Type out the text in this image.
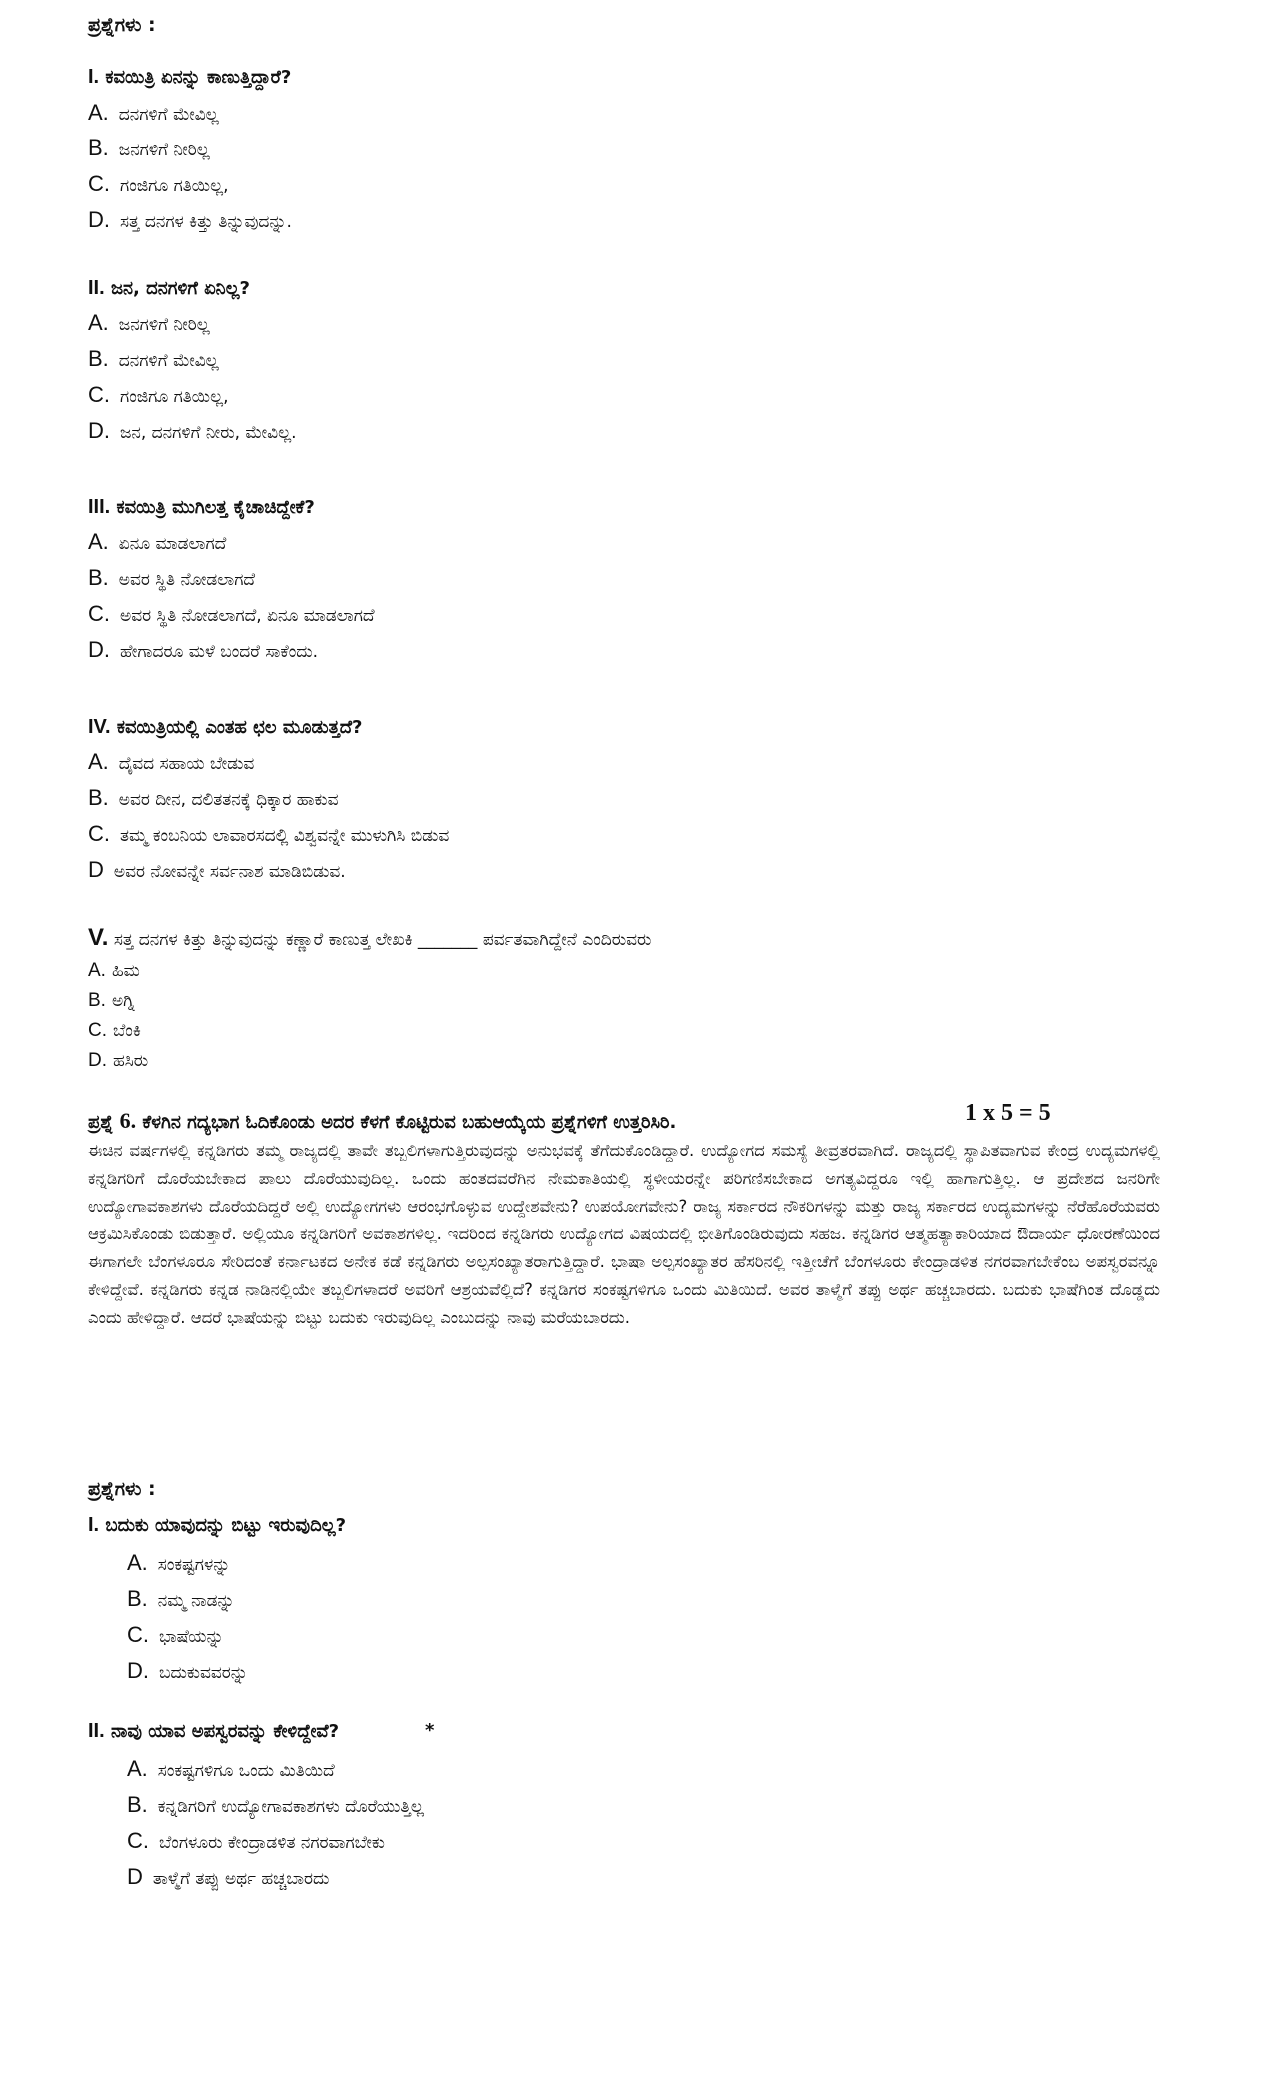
ಪ್ರಶ್ನೆಗಳು :
I. ಕವಯಿತ್ರಿ ಏನನ್ನು ಕಾಣುತ್ತಿದ್ದಾರೆ?
A. ದನಗಳಿಗೆ ಮೇವಿಲ್ಲ
B. ಜನಗಳಿಗೆ ನೀರಿಲ್ಲ
C. ಗಂಜಿಗೂ ಗತಿಯಿಲ್ಲ,
D. ಸತ್ತ ದನಗಳ ಕಿತ್ತು ತಿನ್ನುವುದನ್ನು.
II. ಜನ, ದನಗಳಿಗೆ ಏನಿಲ್ಲ?
A. ಜನಗಳಿಗೆ ನೀರಿಲ್ಲ
B. ದನಗಳಿಗೆ ಮೇವಿಲ್ಲ
C. ಗಂಜಿಗೂ ಗತಿಯಿಲ್ಲ,
D. ಜನ, ದನಗಳಿಗೆ ನೀರು, ಮೇವಿಲ್ಲ.
III. ಕವಯಿತ್ರಿ ಮುಗಿಲತ್ತ ಕೈಚಾಚಿದ್ದೇಕೆ?
A. ಏನೂ ಮಾಡಲಾಗದೆ
B. ಅವರ ಸ್ಥಿತಿ ನೋಡಲಾಗದೆ
C. ಅವರ ಸ್ಥಿತಿ ನೋಡಲಾಗದೆ, ಏನೂ ಮಾಡಲಾಗದೆ
D. ಹೇಗಾದರೂ ಮಳೆ ಬಂದರೆ ಸಾಕೆಂದು.
IV. ಕವಯಿತ್ರಿಯಲ್ಲಿ ಎಂತಹ ಛಲ ಮೂಡುತ್ತದೆ?
A. ದೈವದ ಸಹಾಯ ಬೇಡುವ
B. ಅವರ ದೀನ, ದಲಿತತನಕ್ಕೆ ಧಿಕ್ಕಾರ ಹಾಕುವ
C. ತಮ್ಮ ಕಂಬನಿಯ ಲಾವಾರಸದಲ್ಲಿ ವಿಶ್ವವನ್ನೇ ಮುಳುಗಿಸಿ ಬಿಡುವ
D ಅವರ ನೋವನ್ನೇ ಸರ್ವನಾಶ ಮಾಡಿಬಿಡುವ.
V. ಸತ್ತ ದನಗಳ ಕಿತ್ತು ತಿನ್ನುವುದನ್ನು ಕಣ್ಣಾರೆ ಕಾಣುತ್ತ ಲೇಖಕಿ _______ ಪರ್ವತವಾಗಿದ್ದೇನೆ ಎಂದಿರುವರು
A. ಹಿಮ
B. ಅಗ್ನಿ
C. ಬೆಂಕಿ
D. ಹಸಿರು
ಪ್ರಶ್ನೆ 6. ಕೆಳಗಿನ ಗದ್ಯಭಾಗ ಓದಿಕೊಂಡು ಅದರ ಕೆಳಗೆ ಕೊಟ್ಟಿರುವ ಬಹುಆಯ್ಕೆಯ ಪ್ರಶ್ನೆಗಳಿಗೆ ಉತ್ತರಿಸಿರಿ.	1 x 5 = 5
ಈಚಿನ ವರ್ಷಗಳಲ್ಲಿ ಕನ್ನಡಿಗರು ತಮ್ಮ ರಾಜ್ಯದಲ್ಲಿ ತಾವೇ ತಬ್ಬಲಿಗಳಾಗುತ್ತಿರುವುದನ್ನು ಅನುಭವಕ್ಕೆ ತೆಗೆದುಕೊಂಡಿದ್ದಾರೆ. ಉದ್ಯೋಗದ ಸಮಸ್ಯೆ ತೀವ್ರತರವಾಗಿದೆ. ರಾಜ್ಯದಲ್ಲಿ ಸ್ಥಾಪಿತವಾಗುವ ಕೇಂದ್ರ ಉದ್ಯಮಗಳಲ್ಲಿ ಕನ್ನಡಿಗರಿಗೆ ದೊರೆಯಬೇಕಾದ ಪಾಲು ದೊರೆಯುವುದಿಲ್ಲ. ಒಂದು ಹಂತದವರೆಗಿನ ನೇಮಕಾತಿಯಲ್ಲಿ ಸ್ಥಳೀಯರನ್ನೇ ಪರಿಗಣಿಸಬೇಕಾದ ಅಗತ್ಯವಿದ್ದರೂ ಇಲ್ಲಿ ಹಾಗಾಗುತ್ತಿಲ್ಲ. ಆ ಪ್ರದೇಶದ ಜನರಿಗೇ ಉದ್ಯೋಗಾವಕಾಶಗಳು ದೊರೆಯದಿದ್ದರೆ ಅಲ್ಲಿ ಉದ್ಯೋಗಗಳು ಆರಂಭಗೊಳ್ಳುವ ಉದ್ದೇಶವೇನು? ಉಪಯೋಗವೇನು? ರಾಜ್ಯ ಸರ್ಕಾರದ ನೌಕರಿಗಳನ್ನು ಮತ್ತು ರಾಜ್ಯ ಸರ್ಕಾರದ ಉದ್ಯಮಗಳನ್ನು ನೆರೆಹೊರೆಯವರು ಆಕ್ರಮಿಸಿಕೊಂಡು ಬಿಡುತ್ತಾರೆ. ಅಲ್ಲಿಯೂ ಕನ್ನಡಿಗರಿಗೆ ಅವಕಾಶಗಳಿಲ್ಲ. ಇದರಿಂದ ಕನ್ನಡಿಗರು ಉದ್ಯೋಗದ ವಿಷಯದಲ್ಲಿ ಭೀತಿಗೊಂಡಿರುವುದು ಸಹಜ. ಕನ್ನಡಿಗರ ಆತ್ಮಹತ್ಯಾಕಾರಿಯಾದ ಔದಾರ್ಯ ಧೋರಣೆಯಿಂದ ಈಗಾಗಲೇ ಬೆಂಗಳೂರೂ ಸೇರಿದಂತೆ ಕರ್ನಾಟಕದ ಅನೇಕ ಕಡೆ ಕನ್ನಡಿಗರು ಅಲ್ಪಸಂಖ್ಯಾತರಾಗುತ್ತಿದ್ದಾರೆ. ಭಾಷಾ ಅಲ್ಪಸಂಖ್ಯಾತರ ಹೆಸರಿನಲ್ಲಿ ಇತ್ತೀಚೆಗೆ ಬೆಂಗಳೂರು ಕೇಂದ್ರಾಡಳಿತ ನಗರವಾಗಬೇಕೆಂಬ ಅಪಸ್ವರವನ್ನೂ ಕೇಳಿದ್ದೇವೆ. ಕನ್ನಡಿಗರು ಕನ್ನಡ ನಾಡಿನಲ್ಲಿಯೇ ತಬ್ಬಲಿಗಳಾದರೆ ಅವರಿಗೆ ಆಶ್ರಯವೆಲ್ಲಿದೆ? ಕನ್ನಡಿಗರ ಸಂಕಷ್ಟಗಳಿಗೂ ಒಂದು ಮಿತಿಯಿದೆ. ಅವರ ತಾಳ್ಮೆಗೆ ತಪ್ಪು ಅರ್ಥ ಹಚ್ಚಬಾರದು. ಬದುಕು ಭಾಷೆಗಿಂತ ದೊಡ್ಡದು ಎಂದು ಹೇಳಿದ್ದಾರೆ. ಆದರೆ ಭಾಷೆಯನ್ನು ಬಿಟ್ಟು ಬದುಕು ಇರುವುದಿಲ್ಲ ಎಂಬುದನ್ನು ನಾವು ಮರೆಯಬಾರದು.
ಪ್ರಶ್ನೆಗಳು :
I. ಬದುಕು ಯಾವುದನ್ನು ಬಿಟ್ಟು ಇರುವುದಿಲ್ಲ?
A. ಸಂಕಷ್ಟಗಳನ್ನು
B. ನಮ್ಮ ನಾಡನ್ನು
C. ಭಾಷೆಯನ್ನು
D. ಬದುಕುವವರನ್ನು
II. ನಾವು ಯಾವ ಅಪಸ್ವರವನ್ನು ಕೇಳಿದ್ದೇವೆ?	*
A. ಸಂಕಷ್ಟಗಳಿಗೂ ಒಂದು ಮಿತಿಯಿದೆ
B. ಕನ್ನಡಿಗರಿಗೆ ಉದ್ಯೋಗಾವಕಾಶಗಳು ದೊರೆಯುತ್ತಿಲ್ಲ
C. ಬೆಂಗಳೂರು ಕೇಂದ್ರಾಡಳಿತ ನಗರವಾಗಬೇಕು
D ತಾಳ್ಮೆಗೆ ತಪ್ಪು ಅರ್ಥ ಹಚ್ಚಬಾರದು
